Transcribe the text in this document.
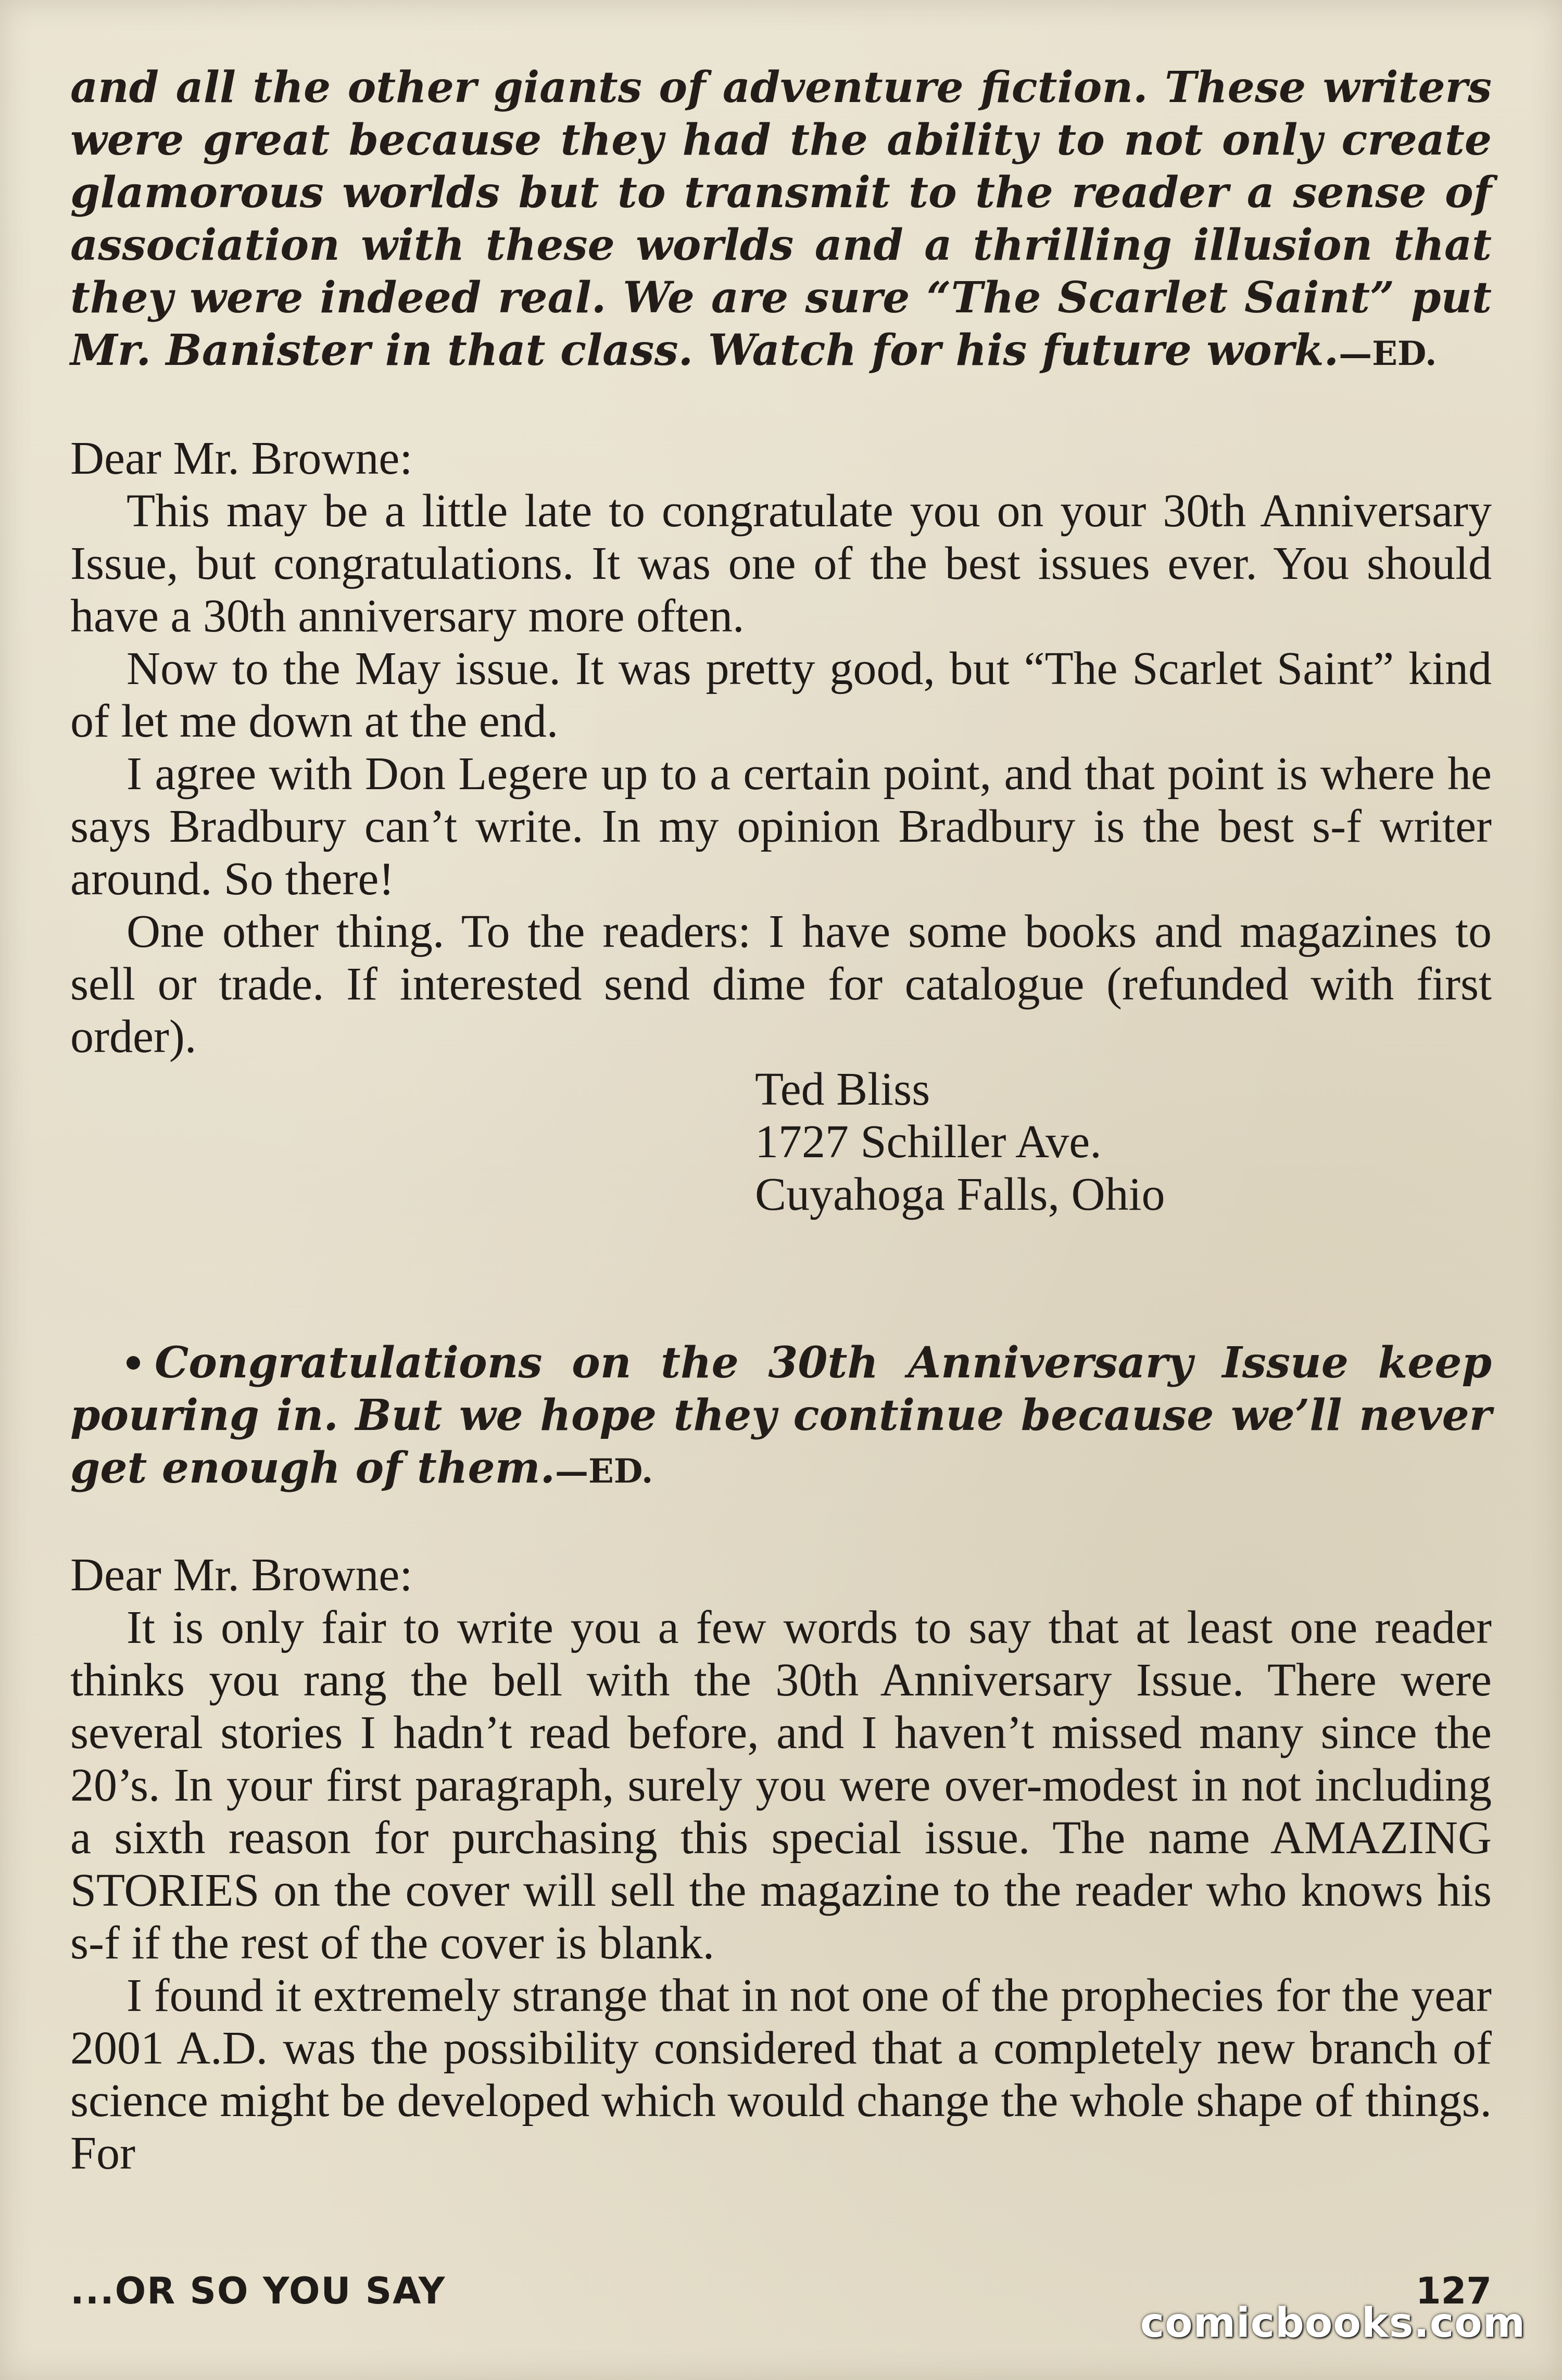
and all the other giants of adventure fiction. These writers were great because they had the ability to not only create glamorous worlds but to transmit to the reader a sense of association with these worlds and a thrilling illusion that they were indeed real. We are sure “The Scarlet Saint” put Mr. Banister in that class. Watch for his future work.—ED.

Dear Mr. Browne:

This may be a little late to congratulate you on your 30th Anniversary Issue, but congratulations. It was one of the best issues ever. You should have a 30th anniversary more often.

Now to the May issue. It was pretty good, but “The Scarlet Saint” kind of let me down at the end.

I agree with Don Legere up to a certain point, and that point is where he says Bradbury can’t write. In my opinion Bradbury is the best s-f writer around. So there!

One other thing. To the readers: I have some books and magazines to sell or trade. If interested send dime for catalogue (refunded with first order).

Ted Bliss

1727 Schiller Ave.

Cuyahoga Falls, Ohio

Congratulations on the 30th Anniversary Issue keep pouring in. But we hope they continue because we’ll never get enough of them.—ED.

Dear Mr. Browne:

It is only fair to write you a few words to say that at least one reader thinks you rang the bell with the 30th Anniversary Issue. There were several stories I hadn’t read before, and I haven’t missed many since the 20’s. In your first paragraph, surely you were over-modest in not including a sixth reason for purchasing this special issue. The name AMAZING STORIES on the cover will sell the magazine to the reader who knows his s-f if the rest of the cover is blank.

I found it extremely strange that in not one of the prophecies for the year 2001 A.D. was the possibility considered that a completely new branch of science might be developed which would change the whole shape of things. For

...OR SO YOU SAY	127
comicbooks.com
